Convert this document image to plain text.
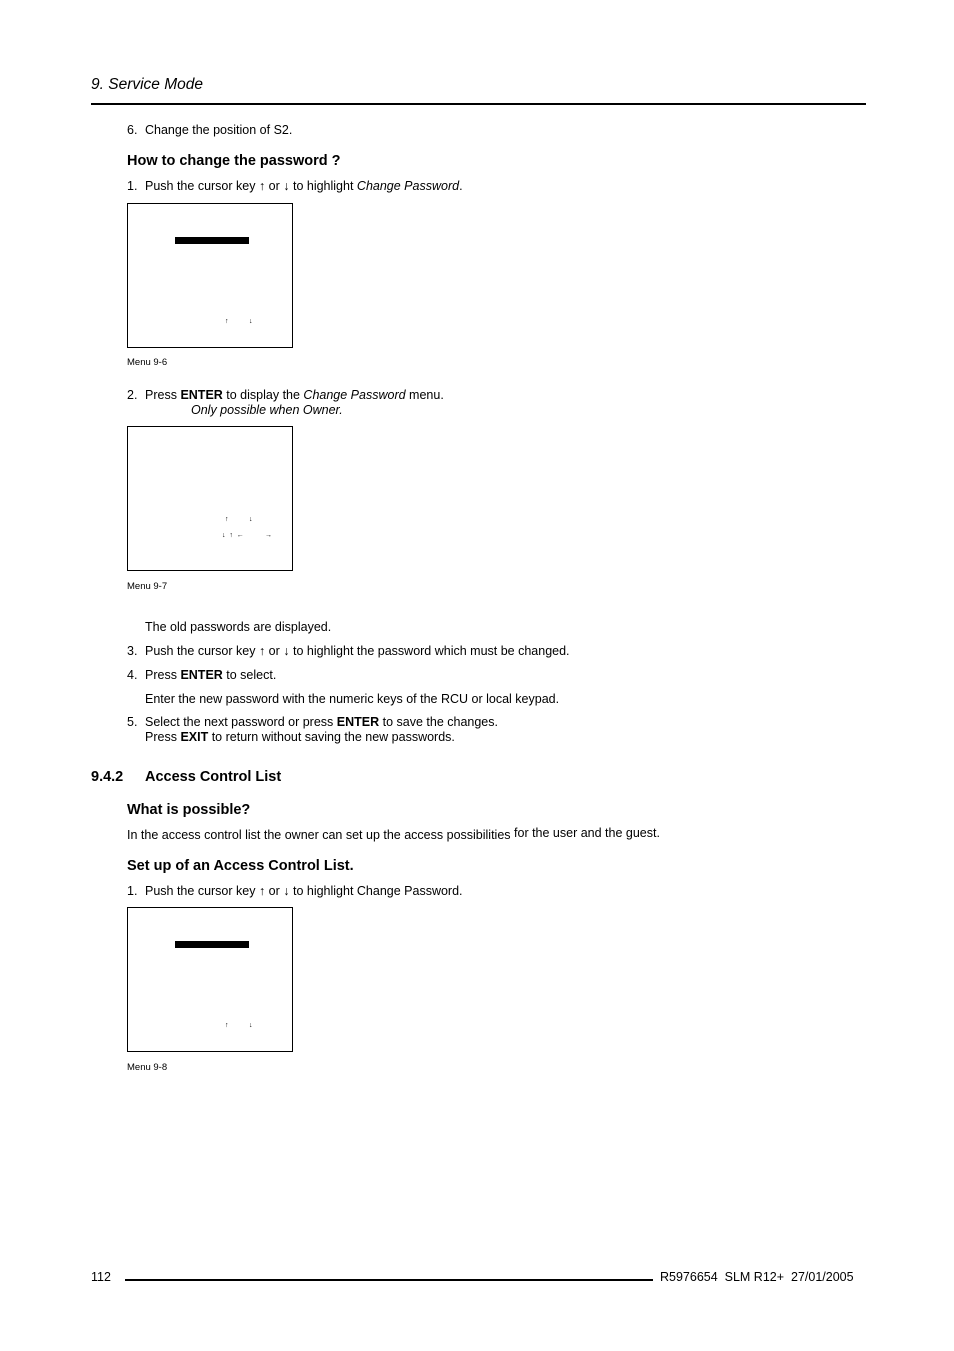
9. Service Mode
6. Change the position of S2.
How to change the password ?
1. Push the cursor key ↑ or ↓ to highlight Change Password.
↑	↓
Menu 9-6
2. Press ENTER to display the Change Password menu.
Only possible when Owner.
↑	↓
↓  ↑  ←	→
Menu 9-7
The old passwords are displayed.
3. Push the cursor key ↑ or ↓ to highlight the password which must be changed.
4. Press ENTER to select.
Enter the new password with the numeric keys of the RCU or local keypad.
5. Select the next password or press ENTER to save the changes.
Press EXIT to return without saving the new passwords.
9.4.2 Access Control List
What is possible?
In the access control list the owner can set up the access possibilities for the user and the guest.
Set up of an Access Control List.
1. Push the cursor key ↑ or ↓ to highlight Change Password.
↑	↓
Menu 9-8
112	R5976654  SLM R12+  27/01/2005
